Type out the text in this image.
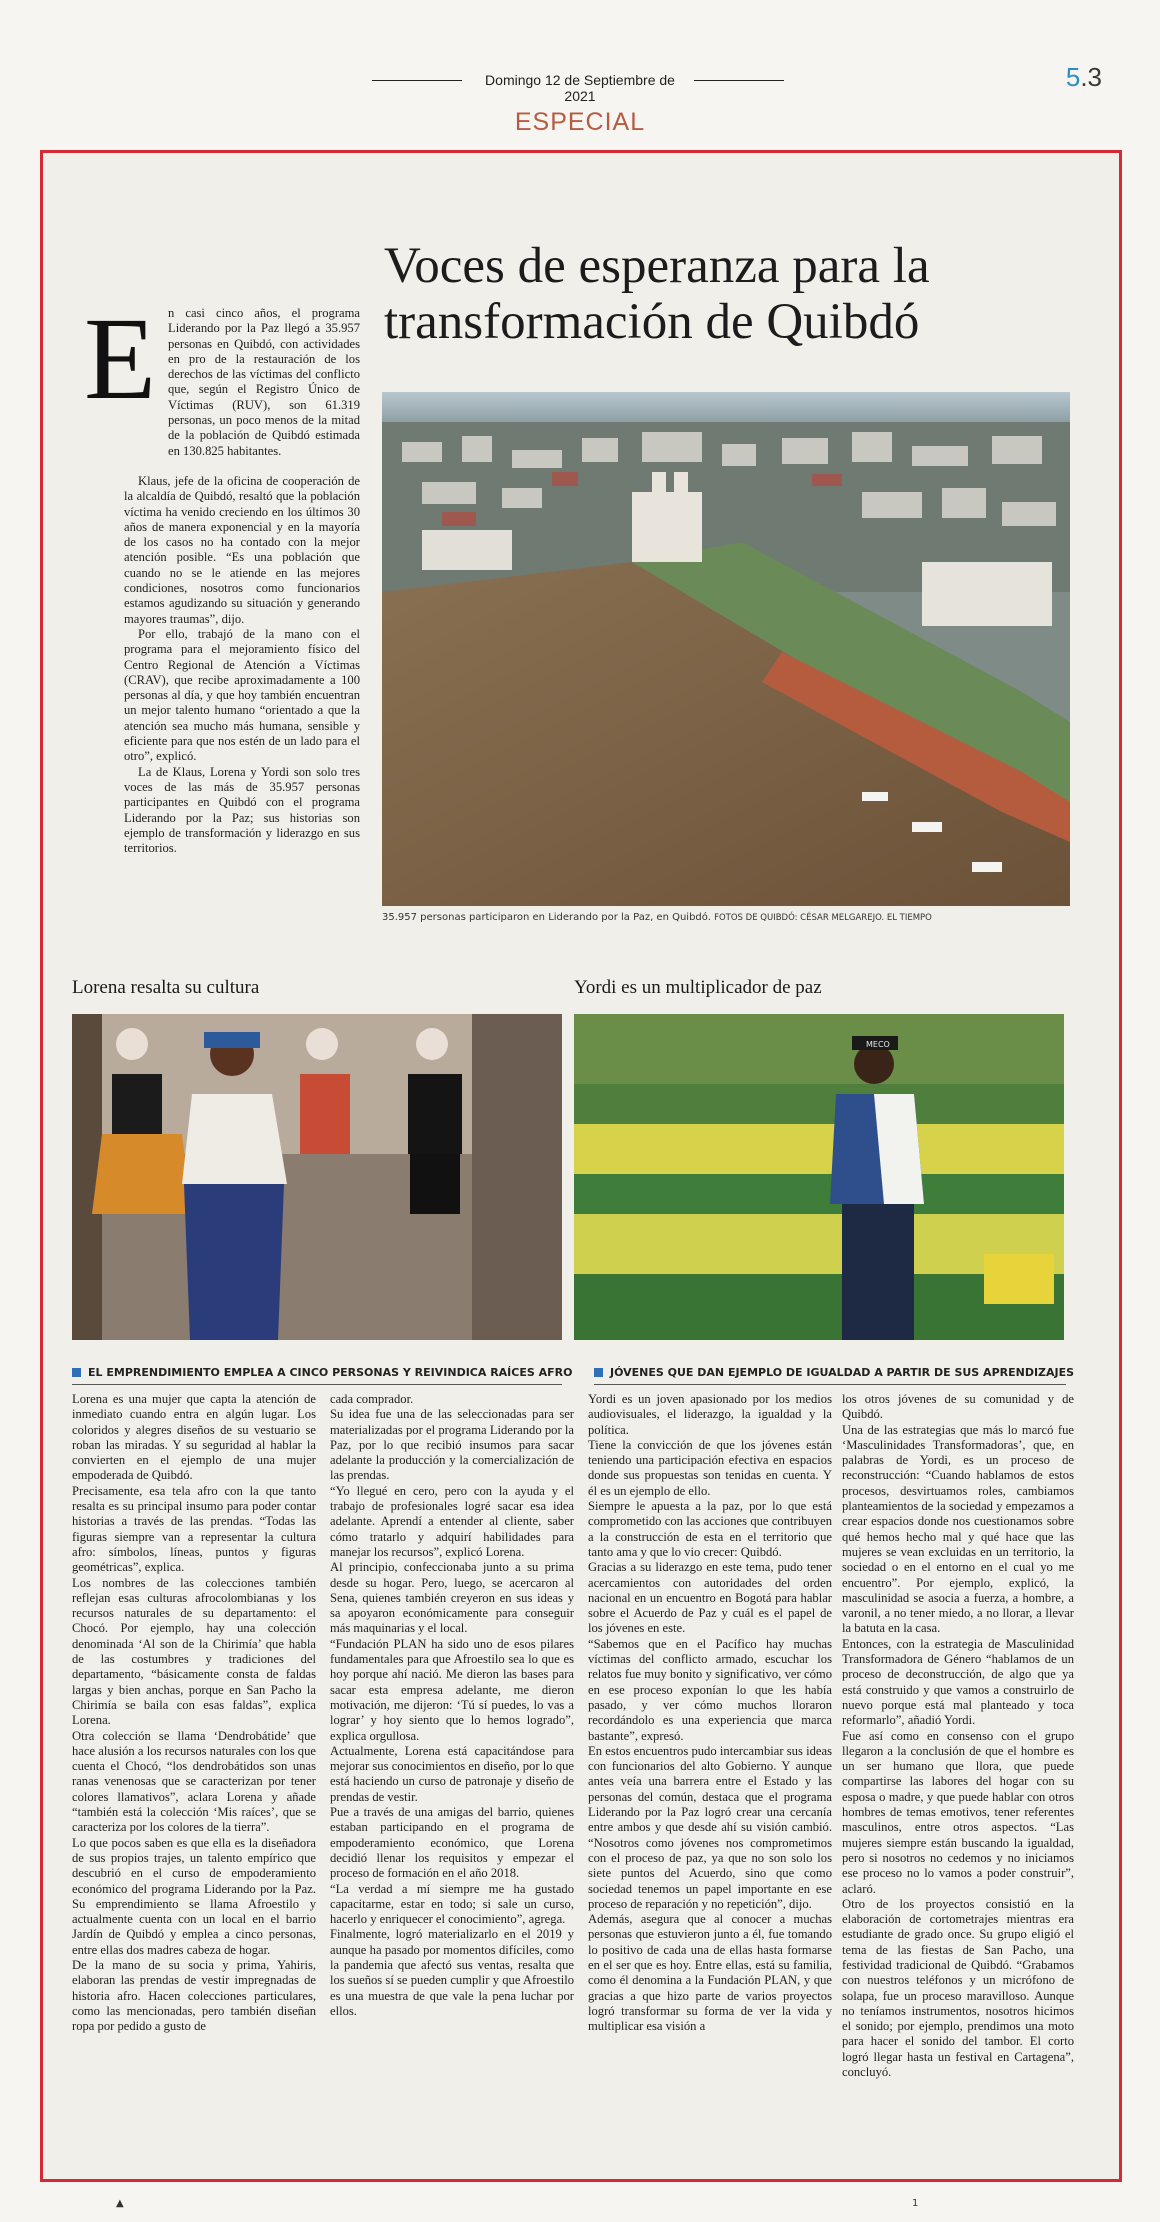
Domingo 12 de Septiembre de 2021
5.3
ESPECIAL
Voces de esperanza para la transformación de Quibdó
E n casi cinco años, el programa Liderando por la Paz llegó a 35.957 personas en Quibdó, con actividades en pro de la restauración de los derechos de las víctimas del conflicto que, según el Registro Único de Víctimas (RUV), son 61.319 personas, un poco menos de la mitad de la población de Quibdó estimada en 130.825 habitantes.

Klaus, jefe de la oficina de cooperación de la alcaldía de Quibdó, resaltó que la población víctima ha venido creciendo en los últimos 30 años de manera exponencial y en la mayoría de los casos no ha contado con la mejor atención posible. “Es una población que cuando no se le atiende en las mejores condiciones, nosotros como funcionarios estamos agudizando su situación y generando mayores traumas”, dijo.

Por ello, trabajó de la mano con el programa para el mejoramiento físico del Centro Regional de Atención a Víctimas (CRAV), que recibe aproximadamente a 100 personas al día, y que hoy también encuentran un mejor talento humano “orientado a que la atención sea mucho más humana, sensible y eficiente para que nos estén de un lado para el otro”, explicó.

La de Klaus, Lorena y Yordi son solo tres voces de las más de 35.957 personas participantes en Quibdó con el programa Liderando por la Paz; sus historias son ejemplo de transformación y liderazgo en sus territorios.

35.957 personas participaron en Liderando por la Paz, en Quibdó. FOTOS DE QUIBDÓ: CÉSAR MELGAREJO. EL TIEMPO
Lorena resalta su cultura	Yordi es un multiplicador de paz
MECO
EL EMPRENDIMIENTO EMPLEA A CINCO PERSONAS Y REIVINDICA RAÍCES AFRO	JÓVENES QUE DAN EJEMPLO DE IGUALDAD A PARTIR DE SUS APRENDIZAJES

Lorena es una mujer que capta la atención de inmediato cuando entra en algún lugar. Los coloridos y alegres diseños de su vestuario se roban las miradas. Y su seguridad al hablar la convierten en el ejemplo de una mujer empoderada de Quibdó.

Precisamente, esa tela afro con la que tanto resalta es su principal insumo para poder contar historias a través de las prendas. “Todas las figuras siempre van a representar la cultura afro: símbolos, líneas, puntos y figuras geométricas”, explica.

Los nombres de las colecciones también reflejan esas culturas afrocolombianas y los recursos naturales de su departamento: el Chocó. Por ejemplo, hay una colección denominada ‘Al son de la Chirimía’ que habla de las costumbres y tradiciones del departamento, “básicamente consta de faldas largas y bien anchas, porque en San Pacho la Chirimía se baila con esas faldas”, explica Lorena.

Otra colección se llama ‘Dendrobátide’ que hace alusión a los recursos naturales con los que cuenta el Chocó, “los dendrobátidos son unas ranas venenosas que se caracterizan por tener colores llamativos”, aclara Lorena y añade “también está la colección ‘Mis raíces’, que se caracteriza por los colores de la tierra”.

Lo que pocos saben es que ella es la diseñadora de sus propios trajes, un talento empírico que descubrió en el curso de empoderamiento económico del programa Liderando por la Paz. Su emprendimiento se llama Afroestilo y actualmente cuenta con un local en el barrio Jardín de Quibdó y emplea a cinco personas, entre ellas dos madres cabeza de hogar.

De la mano de su socia y prima, Yahiris, elaboran las prendas de vestir impregnadas de historia afro. Hacen colecciones particulares, como las mencionadas, pero también diseñan ropa por pedido a gusto de

cada comprador.

Su idea fue una de las seleccionadas para ser materializadas por el programa Liderando por la Paz, por lo que recibió insumos para sacar adelante la producción y la comercialización de las prendas.

“Yo llegué en cero, pero con la ayuda y el trabajo de profesionales logré sacar esa idea adelante. Aprendí a entender al cliente, saber cómo tratarlo y adquirí habilidades para manejar los recursos”, explicó Lorena.

Al principio, confeccionaba junto a su prima desde su hogar. Pero, luego, se acercaron al Sena, quienes también creyeron en sus ideas y sa apoyaron económicamente para conseguir más maquinarias y el local.

“Fundación PLAN ha sido uno de esos pilares fundamentales para que Afroestilo sea lo que es hoy porque ahí nació. Me dieron las bases para sacar esta empresa adelante, me dieron motivación, me dijeron: ‘Tú sí puedes, lo vas a lograr’ y hoy siento que lo hemos logrado”, explica orgullosa.

Actualmente, Lorena está capacitándose para mejorar sus conocimientos en diseño, por lo que está haciendo un curso de patronaje y diseño de prendas de vestir.

Pue a través de una amigas del barrio, quienes estaban participando en el programa de empoderamiento económico, que Lorena decidió llenar los requisitos y empezar el proceso de formación en el año 2018.

“La verdad a mí siempre me ha gustado capacitarme, estar en todo; si sale un curso, hacerlo y enriquecer el conocimiento”, agrega.

Finalmente, logró materializarlo en el 2019 y aunque ha pasado por momentos difíciles, como la pandemia que afectó sus ventas, resalta que los sueños sí se pueden cumplir y que Afroestilo es una muestra de que vale la pena luchar por ellos.

Yordi es un joven apasionado por los medios audiovisuales, el liderazgo, la igualdad y la política.

Tiene la convicción de que los jóvenes están teniendo una participación efectiva en espacios donde sus propuestas son tenidas en cuenta. Y él es un ejemplo de ello.

Siempre le apuesta a la paz, por lo que está comprometido con las acciones que contribuyen a la construcción de esta en el territorio que tanto ama y que lo vio crecer: Quibdó.

Gracias a su liderazgo en este tema, pudo tener acercamientos con autoridades del orden nacional en un encuentro en Bogotá para hablar sobre el Acuerdo de Paz y cuál es el papel de los jóvenes en este.

“Sabemos que en el Pacífico hay muchas víctimas del conflicto armado, escuchar los relatos fue muy bonito y significativo, ver cómo en ese proceso exponían lo que les había pasado, y ver cómo muchos lloraron recordándolo es una experiencia que marca bastante”, expresó.

En estos encuentros pudo intercambiar sus ideas con funcionarios del alto Gobierno. Y aunque antes veía una barrera entre el Estado y las personas del común, destaca que el programa Liderando por la Paz logró crear una cercanía entre ambos y que desde ahí su visión cambió. “Nosotros como jóvenes nos comprometimos con el proceso de paz, ya que no son solo los siete puntos del Acuerdo, sino que como sociedad tenemos un papel importante en ese proceso de reparación y no repetición”, dijo.

Además, asegura que al conocer a muchas personas que estuvieron junto a él, fue tomando lo positivo de cada una de ellas hasta formarse en el ser que es hoy. Entre ellas, está su familia, como él denomina a la Fundación PLAN, y que gracias a que hizo parte de varios proyectos logró transformar su forma de ver la vida y multiplicar esa visión a

los otros jóvenes de su comunidad y de Quibdó.

Una de las estrategias que más lo marcó fue ‘Masculinidades Transformadoras’, que, en palabras de Yordi, es un proceso de reconstrucción: “Cuando hablamos de estos procesos, desvirtuamos roles, cambiamos planteamientos de la sociedad y empezamos a crear espacios donde nos cuestionamos sobre qué hemos hecho mal y qué hace que las mujeres se vean excluidas en un territorio, la sociedad o en el entorno en el cual yo me encuentro”. Por ejemplo, explicó, la masculinidad se asocia a fuerza, a hombre, a varonil, a no tener miedo, a no llorar, a llevar la batuta en la casa.

Entonces, con la estrategia de Masculinidad Transformadora de Género “hablamos de un proceso de deconstrucción, de algo que ya está construido y que vamos a construirlo de nuevo porque está mal planteado y toca reformarlo”, añadió Yordi.

Fue así como en consenso con el grupo llegaron a la conclusión de que el hombre es un ser humano que llora, que puede compartirse las labores del hogar con su esposa o madre, y que puede hablar con otros hombres de temas emotivos, tener referentes masculinos, entre otros aspectos. “Las mujeres siempre están buscando la igualdad, pero si nosotros no cedemos y no iniciamos ese proceso no lo vamos a poder construir”, aclaró.

Otro de los proyectos consistió en la elaboración de cortometrajes mientras era estudiante de grado once. Su grupo eligió el tema de las fiestas de San Pacho, una festividad tradicional de Quibdó. “Grabamos con nuestros teléfonos y un micrófono de solapa, fue un proceso maravilloso. Aunque no teníamos instrumentos, nosotros hicimos el sonido; por ejemplo, prendimos una moto para hacer el sonido del tambor. El corto logró llegar hasta un festival en Cartagena”, concluyó.

▲	1
